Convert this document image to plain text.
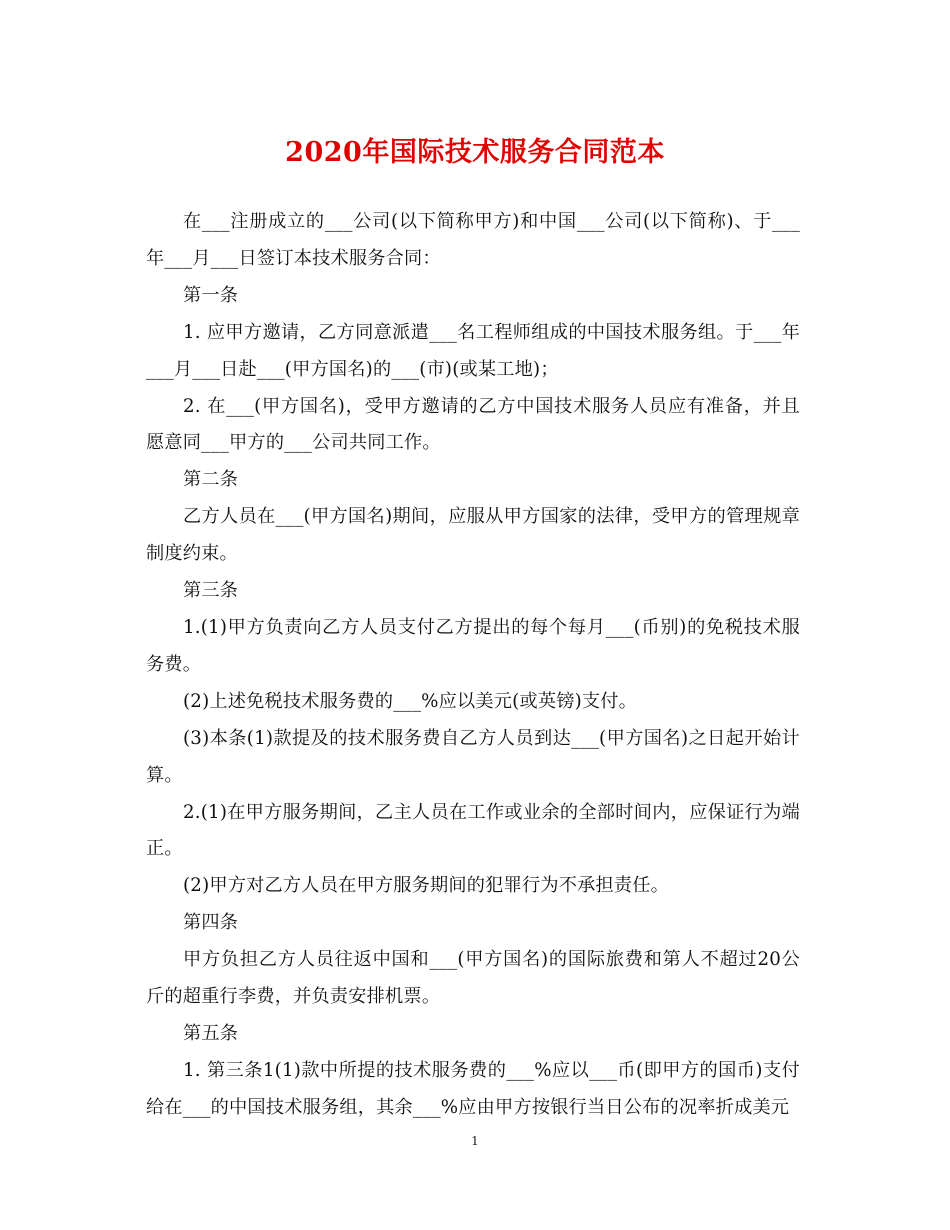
2020年国际技术服务合同范本

在___注册成立的___公司(以下简称甲方)和中国___公司(以下简称)、于___年___月___日签订本技术服务合同：

第一条

1. 应甲方邀请，乙方同意派遣___名工程师组成的中国技术服务组。于___年___月___日赴___(甲方国名)的___(市)(或某工地)；

2. 在___(甲方国名)，受甲方邀请的乙方中国技术服务人员应有准备，并且愿意同___甲方的___公司共同工作。

第二条

乙方人员在___(甲方国名)期间，应服从甲方国家的法律，受甲方的管理规章制度约束。

第三条

1.(1)甲方负责向乙方人员支付乙方提出的每个每月___(币别)的免税技术服务费。

(2)上述免税技术服务费的___%应以美元(或英镑)支付。

(3)本条(1)款提及的技术服务费自乙方人员到达___(甲方国名)之日起开始计算。

2.(1)在甲方服务期间，乙主人员在工作或业余的全部时间内，应保证行为端正。

(2)甲方对乙方人员在甲方服务期间的犯罪行为不承担责任。

第四条

甲方负担乙方人员往返中国和___(甲方国名)的国际旅费和第人不超过20公斤的超重行李费，并负责安排机票。

第五条

1. 第三条1(1)款中所提的技术服务费的___%应以___币(即甲方的国币)支付给在___的中国技术服务组，其余___%应由甲方按银行当日公布的况率折成美元

1
